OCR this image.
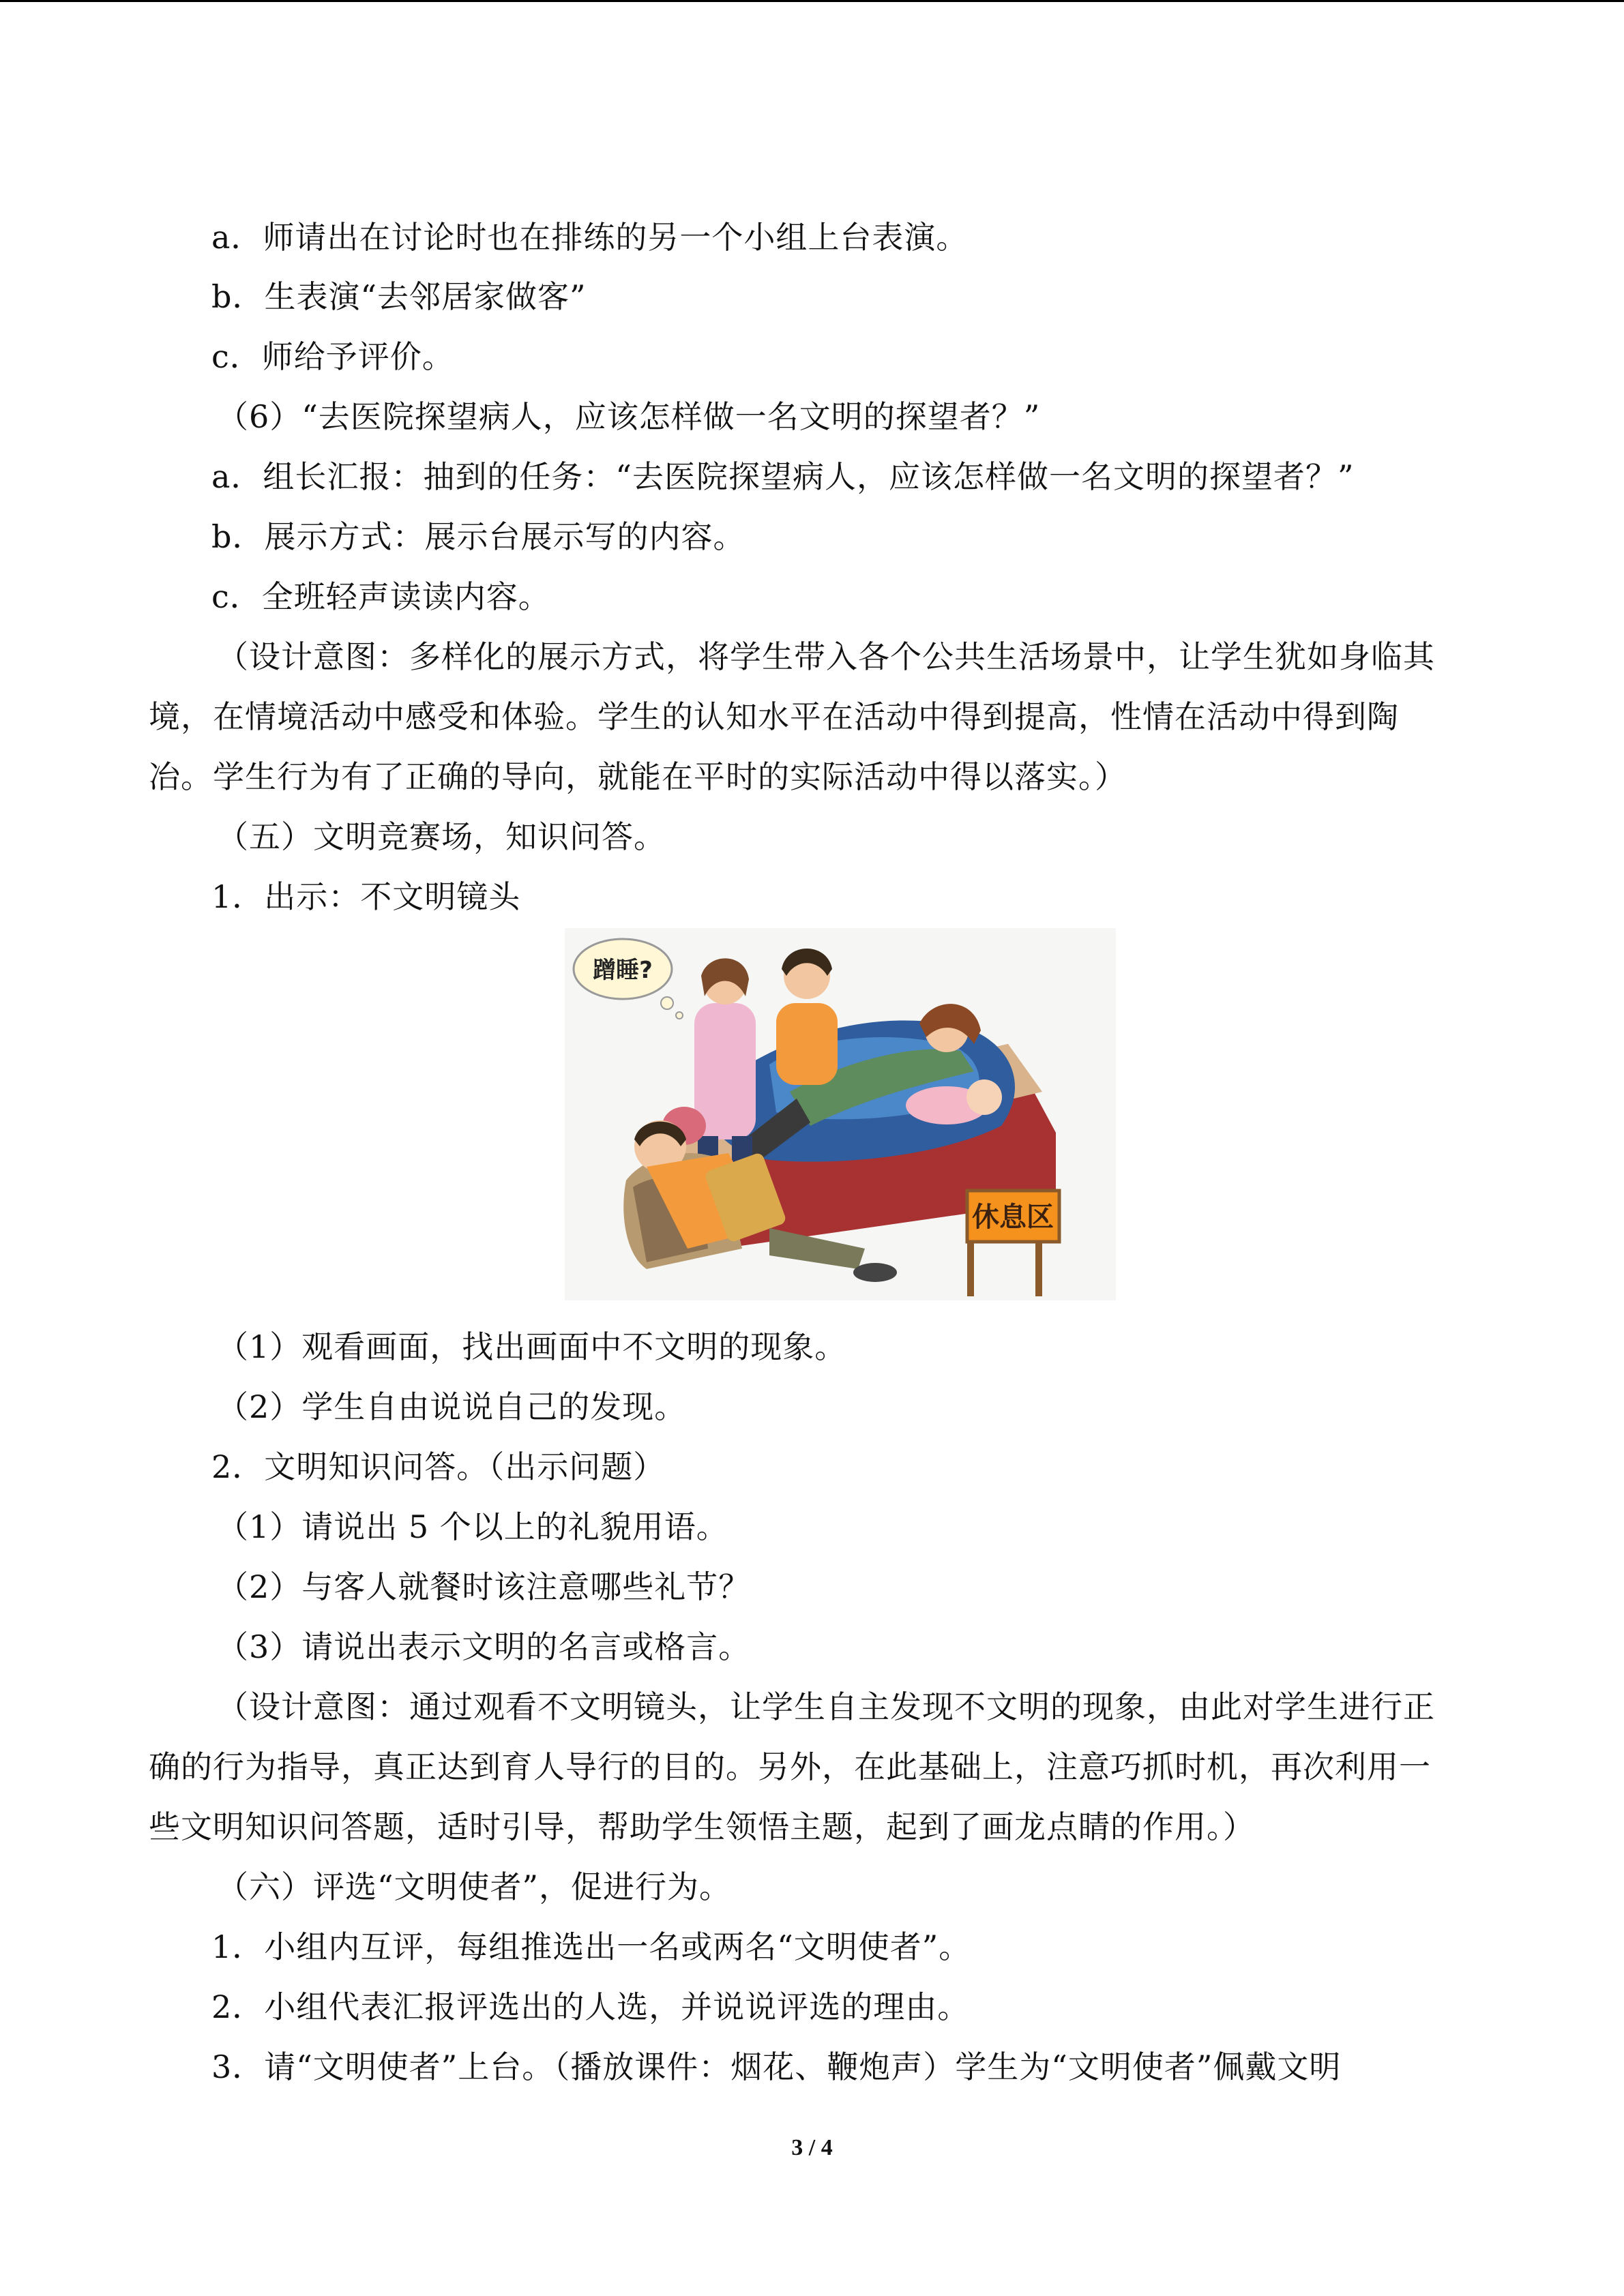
a．师请出在讨论时也在排练的另一个小组上台表演。
b．生表演“去邻居家做客”
c．师给予评价。
（6）“去医院探望病人，应该怎样做一名文明的探望者？”
a．组长汇报：抽到的任务：“去医院探望病人，应该怎样做一名文明的探望者？”
b．展示方式：展示台展示写的内容。
c．全班轻声读读内容。
（设计意图：多样化的展示方式，将学生带入各个公共生活场景中，让学生犹如身临其
境，在情境活动中感受和体验。学生的认知水平在活动中得到提高，性情在活动中得到陶
冶。学生行为有了正确的导向，就能在平时的实际活动中得以落实。）
（五）文明竞赛场，知识问答。
1．出示：不文明镜头
蹭睡?
休息区
（1）观看画面，找出画面中不文明的现象。
（2）学生自由说说自己的发现。
2．文明知识问答。（出示问题）
（1）请说出 5 个以上的礼貌用语。
（2）与客人就餐时该注意哪些礼节？
（3）请说出表示文明的名言或格言。
（设计意图：通过观看不文明镜头，让学生自主发现不文明的现象，由此对学生进行正
确的行为指导，真正达到育人导行的目的。另外，在此基础上，注意巧抓时机，再次利用一
些文明知识问答题，适时引导，帮助学生领悟主题，起到了画龙点睛的作用。）
（六）评选“文明使者”，促进行为。
1．小组内互评，每组推选出一名或两名“文明使者”。
2．小组代表汇报评选出的人选，并说说评选的理由。
3．请“文明使者”上台。（播放课件：烟花、鞭炮声）学生为“文明使者”佩戴文明
3 / 4
